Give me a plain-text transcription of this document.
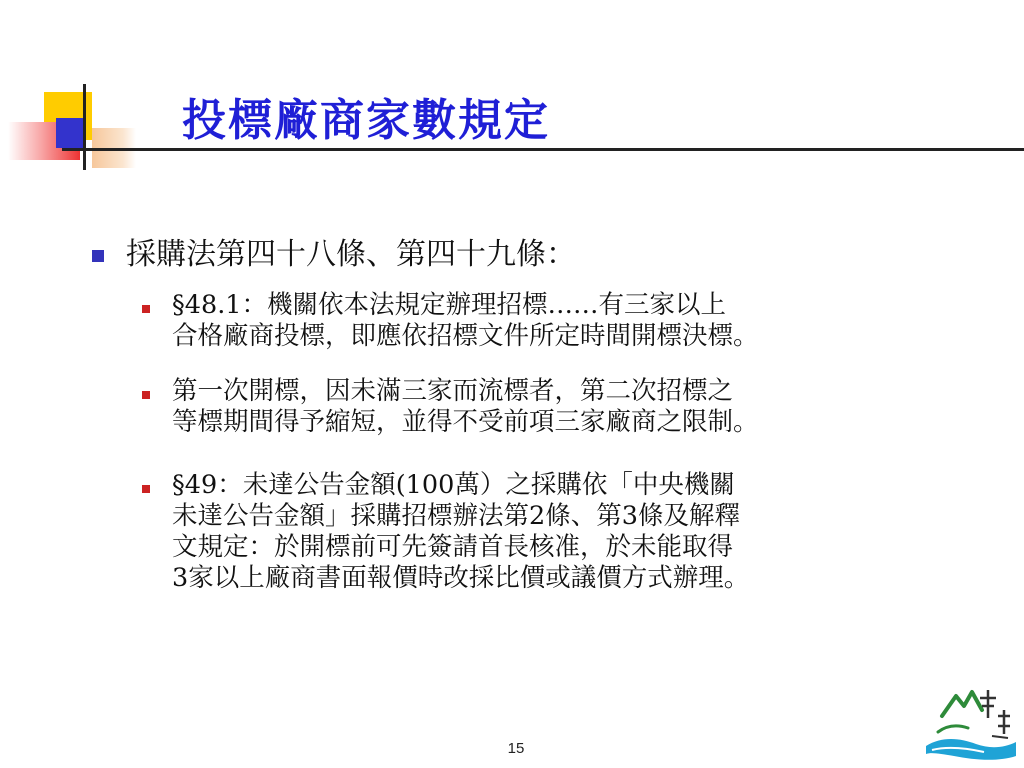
投標廠商家數規定
採購法第四十八條、第四十九條：
§48.1：機關依本法規定辦理招標……有三家以上
合格廠商投標，即應依招標文件所定時間開標決標。
第一次開標，因未滿三家而流標者，第二次招標之
等標期間得予縮短，並得不受前項三家廠商之限制。
§49：未達公告金額(100萬）之採購依「中央機關
未達公告金額」採購招標辦法第2條、第3條及解釋
文規定：於開標前可先簽請首長核准，於未能取得
3家以上廠商書面報價時改採比價或議價方式辦理。
15
